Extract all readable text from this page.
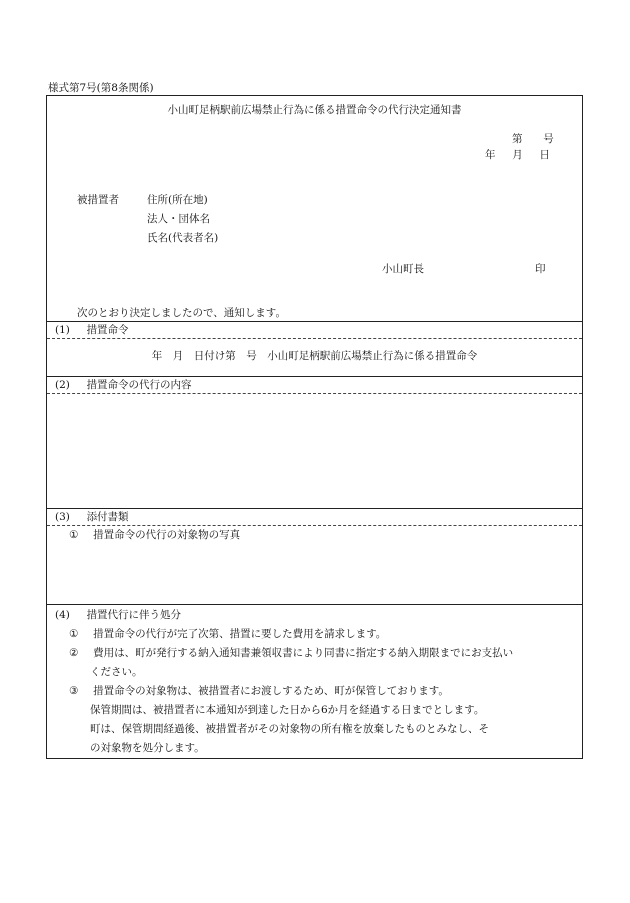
様式第7号(第8条関係)
小山町足柄駅前広場禁止行為に係る措置命令の代行決定通知書
第 号
年 月 日
被措置者	住所(所在地)
法人・団体名
氏名(代表者名)
小山町長	印
次のとおり決定しましたので、通知します。
(1) 措置命令
年　月　日付け第　号　小山町足柄駅前広場禁止行為に係る措置命令
(2) 措置命令の代行の内容
(3) 添付書類
① 措置命令の代行の対象物の写真
(4) 措置代行に伴う処分
① 措置命令の代行が完了次第、措置に要した費用を請求します。
② 費用は、町が発行する納入通知書兼領収書により同書に指定する納入期限までにお支払い
ください。
③ 措置命令の対象物は、被措置者にお渡しするため、町が保管しております。
保管期間は、被措置者に本通知が到達した日から6か月を経過する日までとします。
町は、保管期間経過後、被措置者がその対象物の所有権を放棄したものとみなし、そ
の対象物を処分します。
